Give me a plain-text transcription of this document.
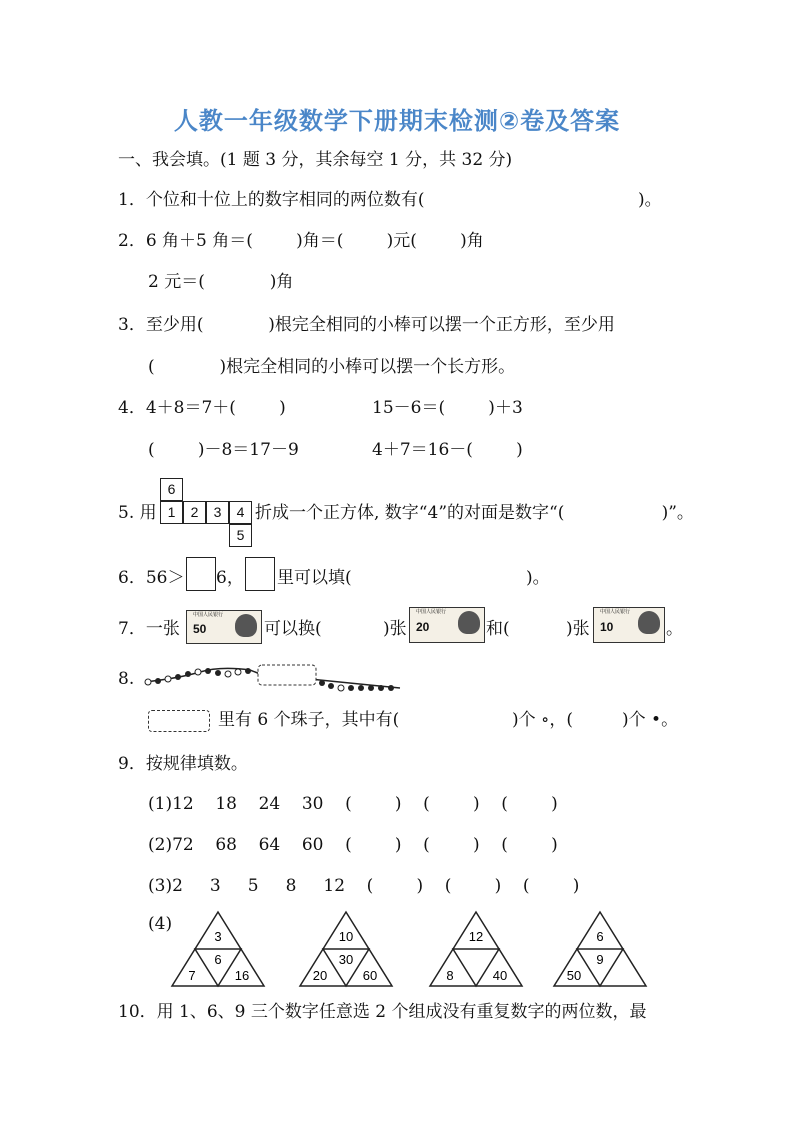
人教一年级数学下册期末检测②卷及答案
一、我会填。(1 题 3 分，其余每空 1 分，共 32 分)
1．个位和十位上的数字相同的两位数有(	)。
2．6 角＋5 角＝(        )角＝(        )元(        )角
2 元＝(            )角
3．至少用(            )根完全相同的小棒可以摆一个正方形，至少用
(            )根完全相同的小棒可以摆一个长方形。
4．4＋8＝7＋(        )	15－6＝(        )＋3
(        )－8＝17－9	4＋7＝16－(        )
5. 用
6
1	2	3	4
5
折成一个正方体, 数字“4”的对面是数字“(                  )”。
6．56＞ 6， 里可以填(	)。
7．一张
中国人民银行
50	可以换(	)张
中国人民银行
20	和(	)张
中国人民银行
10	。
8.
里有 6 个珠子，其中有(	)个 ∘，(	)个 •。
9．按规律填数。
(1)12    18    24    30    (        )    (        )    (        )
(2)72    68    64    60    (        )    (        )    (        )
(3)2     3     5     8     12    (        )    (        )    (        )
(4)
3
6
7	16
10
30
20	60
12
8	40
6
9
50
10．用 1、6、9 三个数字任意选 2 个组成没有重复数字的两位数，最
